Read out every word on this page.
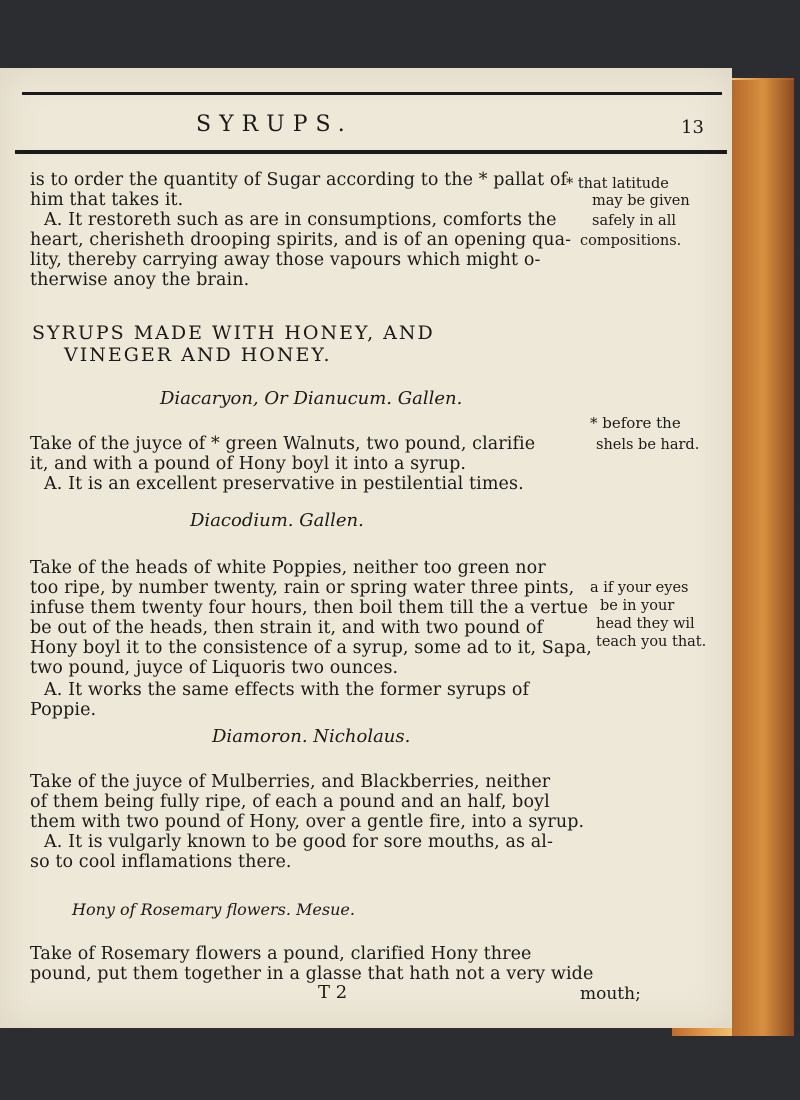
SYRUPS.	13
is to order the quantity of Sugar according to the * pallat of
* that latitude
him that takes it.	may be given
A. It restoreth such as are in consumptions, comforts the safely in all
heart, cherisheth drooping spirits, and is of an opening qua- compositions.
lity, thereby carrying away those vapours which might o-
therwise anoy the brain.
SYRUPS MADE WITH HONEY, AND
VINEGER AND HONEY.
Diacaryon, Or Dianucum. Gallen.
* before the
Take of the juyce of * green Walnuts, two pound, clarifie	shels be hard.
it, and with a pound of Hony boyl it into a syrup.
A. It is an excellent preservative in pestilential times.
Diacodium. Gallen.
Take of the heads of white Poppies, neither too green nor
too ripe, by number twenty, rain or spring water three pints, a if your eyes
infuse them twenty four hours, then boil them till the a vertue be in your
be out of the heads, then strain it, and with two pound of	head they wil
Hony boyl it to the consistence of a syrup, some ad to it, Sapa, teach you that.
two pound, juyce of Liquoris two ounces.
A. It works the same effects with the former syrups of
Poppie.
Diamoron. Nicholaus.
Take of the juyce of Mulberries, and Blackberries, neither
of them being fully ripe, of each a pound and an half, boyl
them with two pound of Hony, over a gentle fire, into a syrup.
A. It is vulgarly known to be good for sore mouths, as al-
so to cool inflamations there.
Hony of Rosemary flowers. Mesue.
Take of Rosemary flowers a pound, clarified Hony three
pound, put them together in a glasse that hath not a very wide
T 2	mouth;
